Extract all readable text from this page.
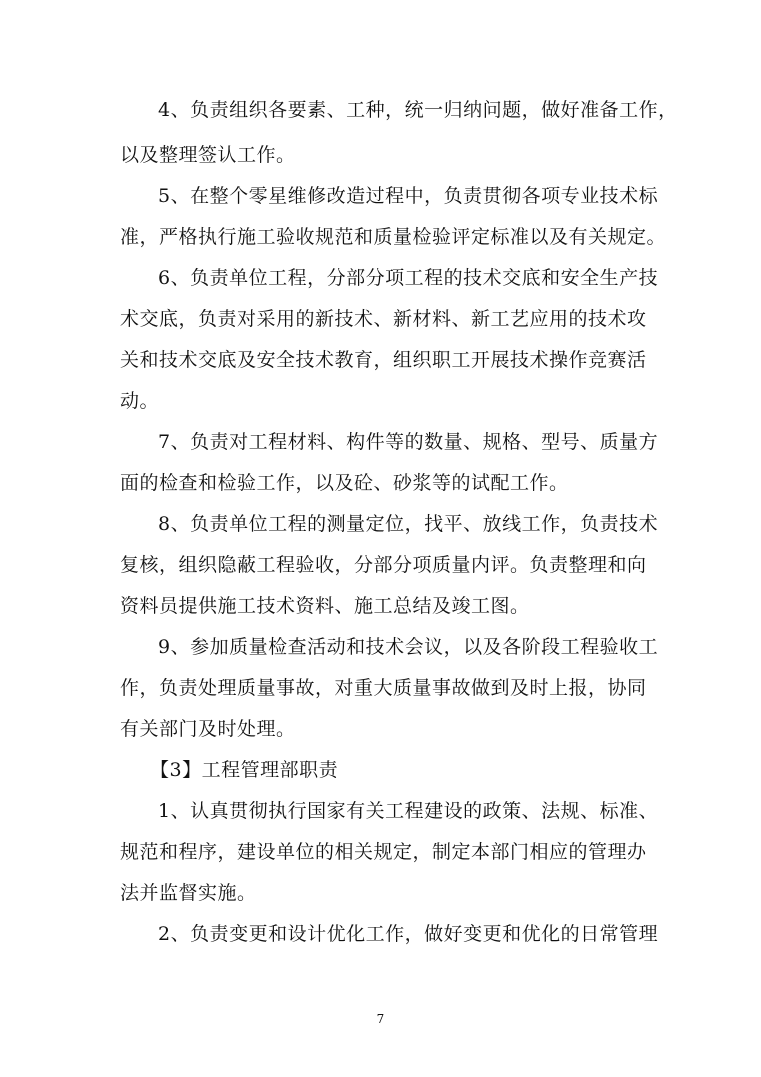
4、负责组织各要素、工种，统一归纳问题，做好准备工作，
以及整理签认工作。
5、在整个零星维修改造过程中，负责贯彻各项专业技术标
准，严格执行施工验收规范和质量检验评定标准以及有关规定。
6、负责单位工程，分部分项工程的技术交底和安全生产技
术交底，负责对采用的新技术、新材料、新工艺应用的技术攻
关和技术交底及安全技术教育，组织职工开展技术操作竞赛活
动。
7、负责对工程材料、构件等的数量、规格、型号、质量方
面的检查和检验工作，以及砼、砂浆等的试配工作。
8、负责单位工程的测量定位，找平、放线工作，负责技术
复核，组织隐蔽工程验收，分部分项质量内评。负责整理和向
资料员提供施工技术资料、施工总结及竣工图。
9、参加质量检查活动和技术会议，以及各阶段工程验收工
作，负责处理质量事故，对重大质量事故做到及时上报，协同
有关部门及时处理。
【3】工程管理部职责
1、认真贯彻执行国家有关工程建设的政策、法规、标准、
规范和程序，建设单位的相关规定，制定本部门相应的管理办
法并监督实施。
2、负责变更和设计优化工作，做好变更和优化的日常管理
7
